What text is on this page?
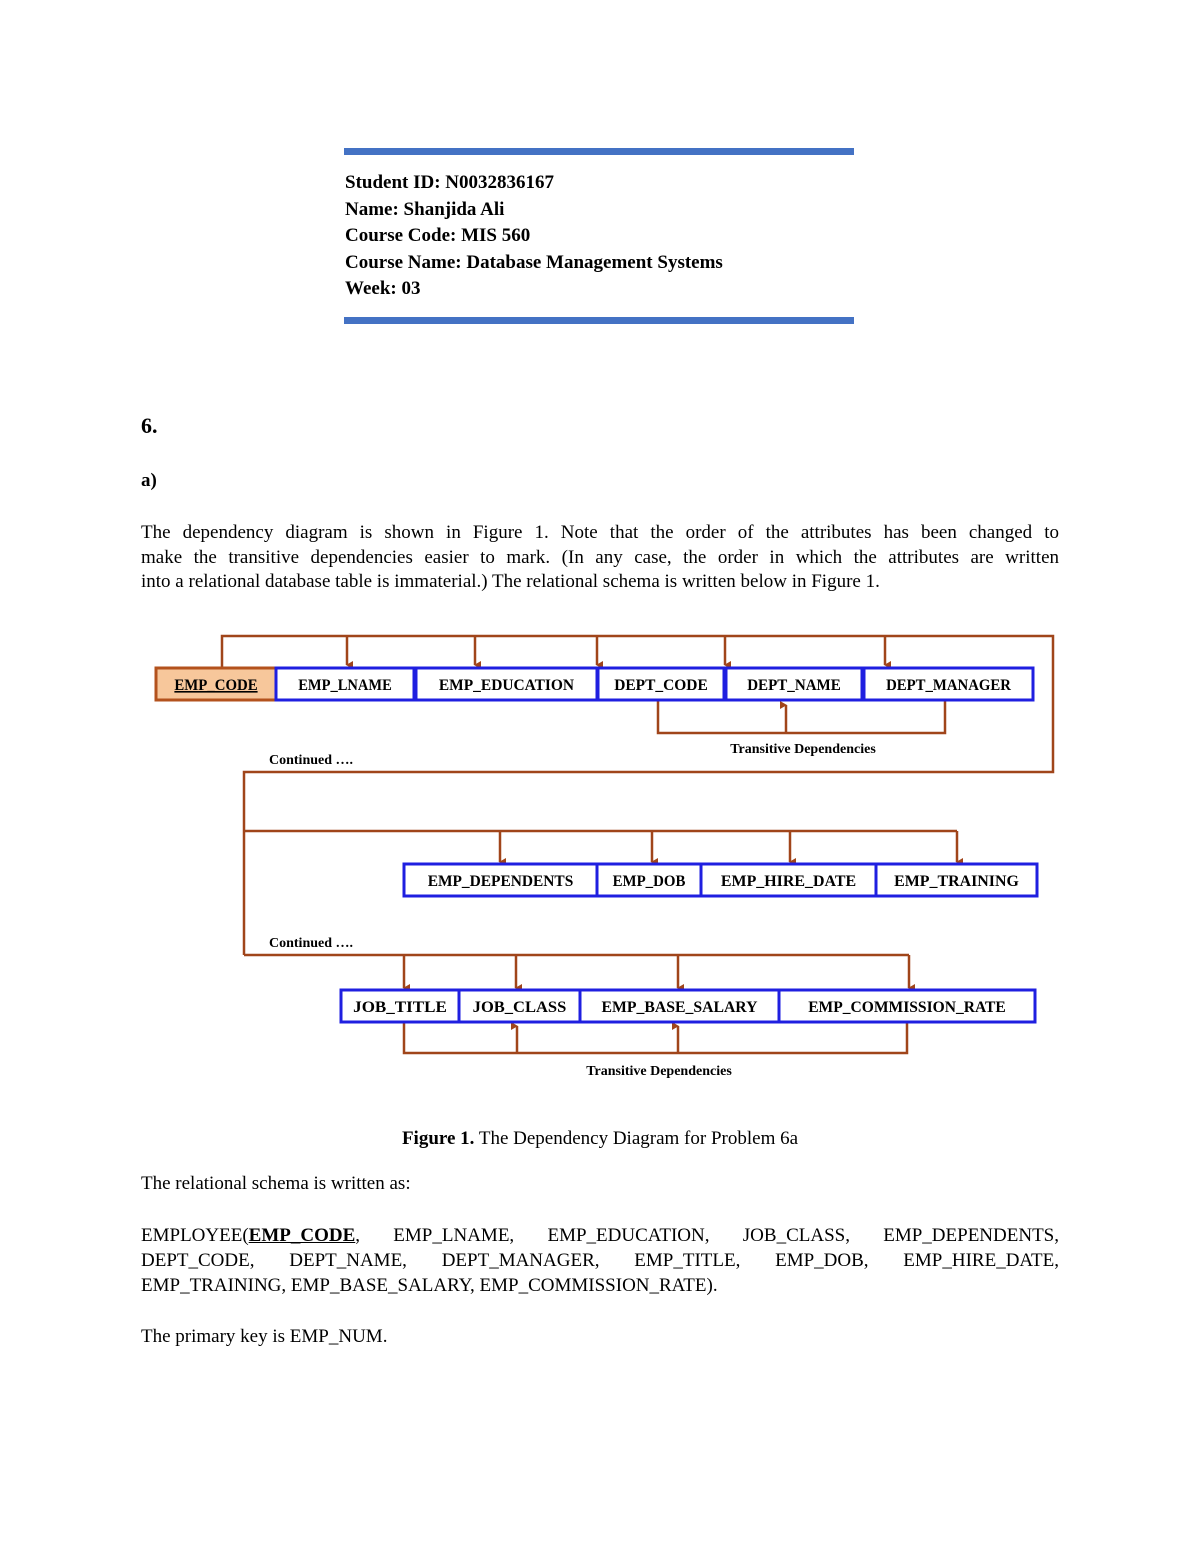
Student ID: N0032836167
Name: Shanjida Ali
Course Code: MIS 560
Course Name: Database Management Systems
Week: 03
6.
a)
The dependency diagram is shown in Figure 1. Note that the order of the attributes has been changed to
make the transitive dependencies easier to mark. (In any case, the order in which the attributes are written
into a relational database table is immaterial.) The relational schema is written below in Figure 1.
EMP_CODE	EMP_LNAME	EMP_EDUCATION DEPT_CODE DEPT_NAME	DEPT_MANAGER
EMP_DEPENDENTS EMP_DOB EMP_HIRE_DATE EMP_TRAINING
JOB_TITLE JOB_CLASS EMP_BASE_SALARY	EMP_COMMISSION_RATE
Continued ….
Transitive Dependencies
Continued ….
Transitive Dependencies
Figure 1. The Dependency Diagram for Problem 6a
The relational schema is written as:
EMPLOYEE(EMP_CODE, EMP_LNAME, EMP_EDUCATION, JOB_CLASS, EMP_DEPENDENTS,
DEPT_CODE, DEPT_NAME, DEPT_MANAGER, EMP_TITLE, EMP_DOB, EMP_HIRE_DATE,
EMP_TRAINING, EMP_BASE_SALARY, EMP_COMMISSION_RATE).
The primary key is EMP_NUM.
